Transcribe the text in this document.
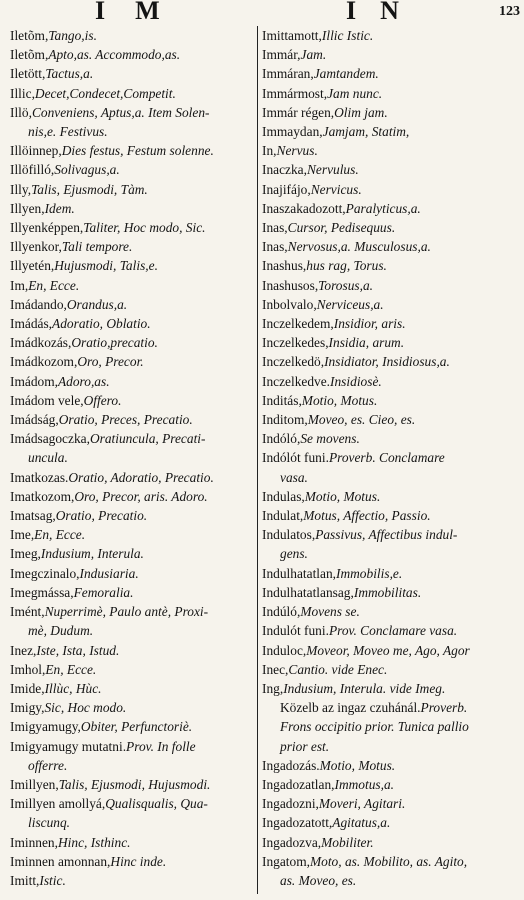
IM	IN	123
Iletõm,Tango,is.
Iletõm,Apto,as. Accommodo,as.
Iletött,Tactus,a.
Illic,Decet,Condecet,Competit.
Illö,Conveniens, Aptus,a. Item Solen-
nis,e. Festivus.
Illöinnep,Dies festus, Festum solenne.
Illöfilló,Solivagus,a.
Illy,Talis, Ejusmodi, Tàm.
Illyen,Idem.
Illyenképpen,Taliter, Hoc modo, Sic.
Illyenkor,Tali tempore.
Illyetén,Hujusmodi, Talis,e.
Im,En, Ecce.
Imádando,Orandus,a.
Imádás,Adoratio, Oblatio.
Imádkozás,Oratio,precatio.
Imádkozom,Oro, Precor.
Imádom,Adoro,as.
Imádom vele,Offero.
Imádság,Oratio, Preces, Precatio.
Imádsagoczka,Oratiuncula, Precati-
uncula.
Imatkozas.Oratio, Adoratio, Precatio.
Imatkozom,Oro, Precor, aris. Adoro.
Imatsag,Oratio, Precatio.
Ime,En, Ecce.
Imeg,Indusium, Interula.
Imegczinalo,Indusiaria.
Imegmássa,Femoralia.
Imént,Nuperrimè, Paulo antè, Proxi-
mè, Dudum.
Inez,Iste, Ista, Istud.
Imhol,En, Ecce.
Imide,Illùc, Hùc.
Imigy,Sic, Hoc modo.
Imigyamugy,Obiter, Perfunctoriè.
Imigyamugy mutatni.Prov. In folle
offerre.
Imillyen,Talis, Ejusmodi, Hujusmodi.
Imillyen amollyá,Qualisqualis, Qua-
liscunq.
Iminnen,Hinc, Isthinc.
Iminnen amonnan,Hinc inde.
Imitt,Istic.
Imittamott,Illic Istic.
Immár,Jam.
Immáran,Jamtandem.
Immármost,Jam nunc.
Immár régen,Olim jam.
Immaydan,Jamjam, Statim,
In,Nervus.
Inaczka,Nervulus.
Inajifájo,Nervicus.
Inaszakadozott,Paralyticus,a.
Inas,Cursor, Pedisequus.
Inas,Nervosus,a. Musculosus,a.
Inashus,hus rag, Torus.
Inashusos,Torosus,a.
Inbolvalo,Nerviceus,a.
Inczelkedem,Insidior, aris.
Inczelkedes,Insidia, arum.
Inczelkedö,Insidiator, Insidiosus,a.
Inczelkedve.Insidiosè.
Inditás,Motio, Motus.
Inditom,Moveo, es. Cieo, es.
Indóló,Se movens.
Indólót funi.Proverb. Conclamare
vasa.
Indulas,Motio, Motus.
Indulat,Motus, Affectio, Passio.
Indulatos,Passivus, Affectibus indul-
gens.
Indulhatatlan,Immobilis,e.
Indulhatatlansag,Immobilitas.
Indúló,Movens se.
Indulót funi.Prov. Conclamare vasa.
Induloc,Moveor, Moveo me, Ago, Agor
Inec,Cantio. vide Enec.
Ing,Indusium, Interula. vide Imeg.
Közelb az ingaz czuhánál.Proverb.
Frons occipitio prior. Tunica pallio
prior est.
Ingadozás.Motio, Motus.
Ingadozatlan,Immotus,a.
Ingadozni,Moveri, Agitari.
Ingadozatott,Agitatus,a.
Ingadozva,Mobiliter.
Ingatom,Moto, as. Mobilito, as. Agito,
as. Moveo, es.
